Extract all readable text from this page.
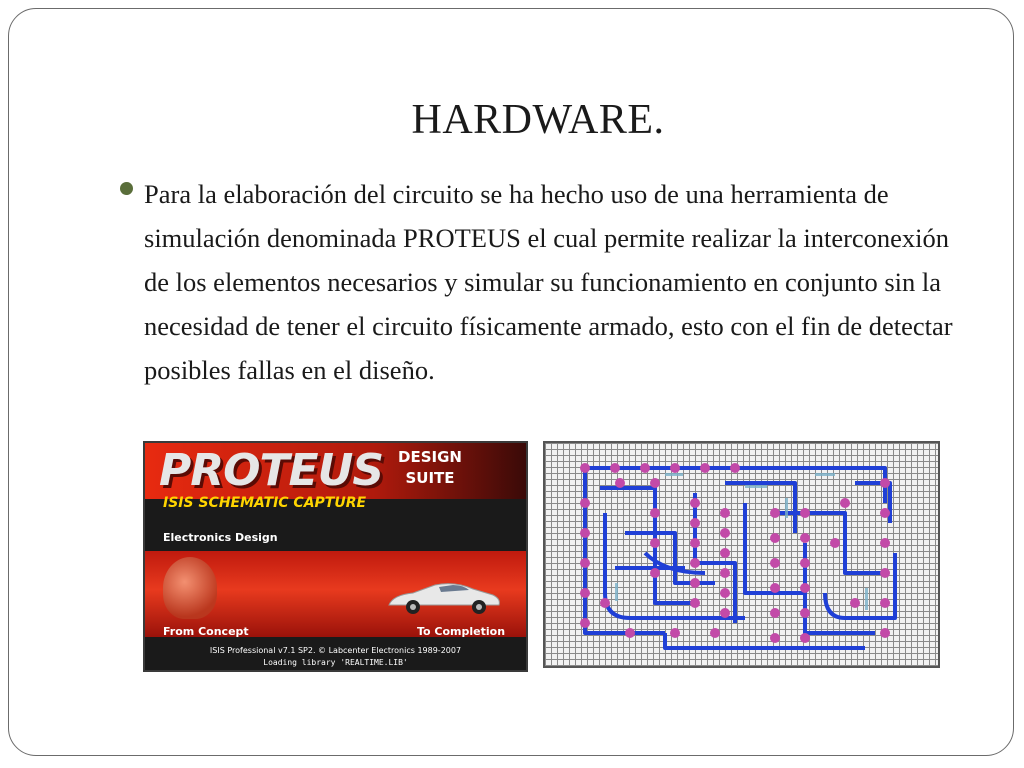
HARDWARE.
Para la elaboración del circuito se ha hecho uso de una herramienta de simulación denominada PROTEUS el cual permite realizar la interconexión de los elementos necesarios y simular su funcionamiento en conjunto sin la necesidad de tener el circuito físicamente armado, esto con el fin de detectar posibles fallas en el diseño.
PROTEUS DESIGN
SUITE
ISIS SCHEMATIC CAPTURE
Electronics Design
From Concept	To Completion
ISIS Professional v7.1 SP2. © Labcenter Electronics 1989-2007
Loading library 'REALTIME.LIB'
